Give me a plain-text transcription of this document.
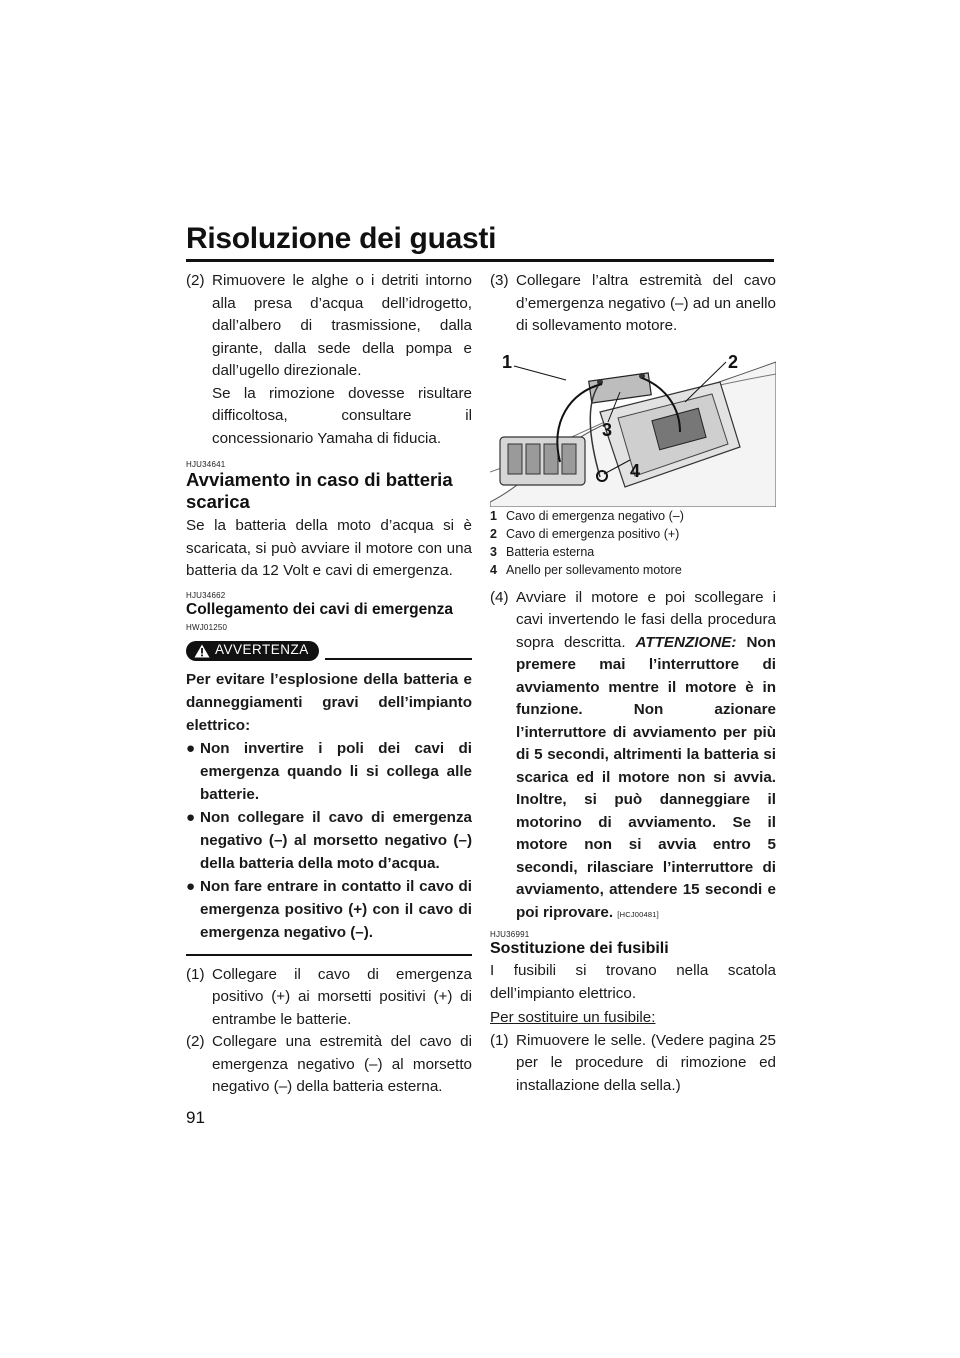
Risoluzione dei guasti
(2) Rimuovere le alghe o i detriti intorno alla presa d’acqua dell’idrogetto, dall’albero di trasmissione, dalla girante, dalla sede della pompa e dall’ugello direzionale.

Se la rimozione dovesse risultare difficoltosa, consultare il concessionario Yamaha di fiducia.

HJU34641
Avviamento in caso di batteria scarica

Se la batteria della moto d’acqua si è scaricata, si può avviare il motore con una batteria da 12 Volt e cavi di emergenza.

HJU34662
Collegamento dei cavi di emergenza
HWJ01250
AVVERTENZA
Per evitare l’esplosione della batteria e danneggiamenti gravi dell’impianto elettrico:
● Non invertire i poli dei cavi di emergenza quando li si collega alle batterie.
● Non collegare il cavo di emergenza negativo (–) al morsetto negativo (–) della batteria della moto d’acqua.
● Non fare entrare in contatto il cavo di emergenza positivo (+) con il cavo di emergenza negativo (–).
(1) Collegare il cavo di emergenza positivo (+) ai morsetti positivi (+) di entrambe le batterie.

(2) Collegare una estremità del cavo di emergenza negativo (–) al morsetto negativo (–) della batteria esterna.

(3) Collegare l’altra estremità del cavo d’emergenza negativo (–) ad un anello di sollevamento motore.

1	2
3
4
1 Cavo di emergenza negativo (–)
2 Cavo di emergenza positivo (+)
3 Batteria esterna
4 Anello per sollevamento motore
(4) Avviare il motore e poi scollegare i cavi invertendo le fasi della procedura sopra descritta. ATTENZIONE: Non premere mai l’interruttore di avviamento mentre il motore è in funzione. Non azionare l’interruttore di avviamento per più di 5 secondi, altrimenti la batteria si scarica ed il motore non si avvia. Inoltre, si può danneggiare il motorino di avviamento. Se il motore non si avvia entro 5 secondi, rilasciare l’interruttore di avviamento, attendere 15 secondi e poi riprovare. [HCJ00481]

HJU36991
Sostituzione dei fusibili

I fusibili si trovano nella scatola dell’impianto elettrico.

Per sostituire un fusibile:

(1) Rimuovere le selle. (Vedere pagina 25 per le procedure di rimozione ed installazione della sella.)

91
